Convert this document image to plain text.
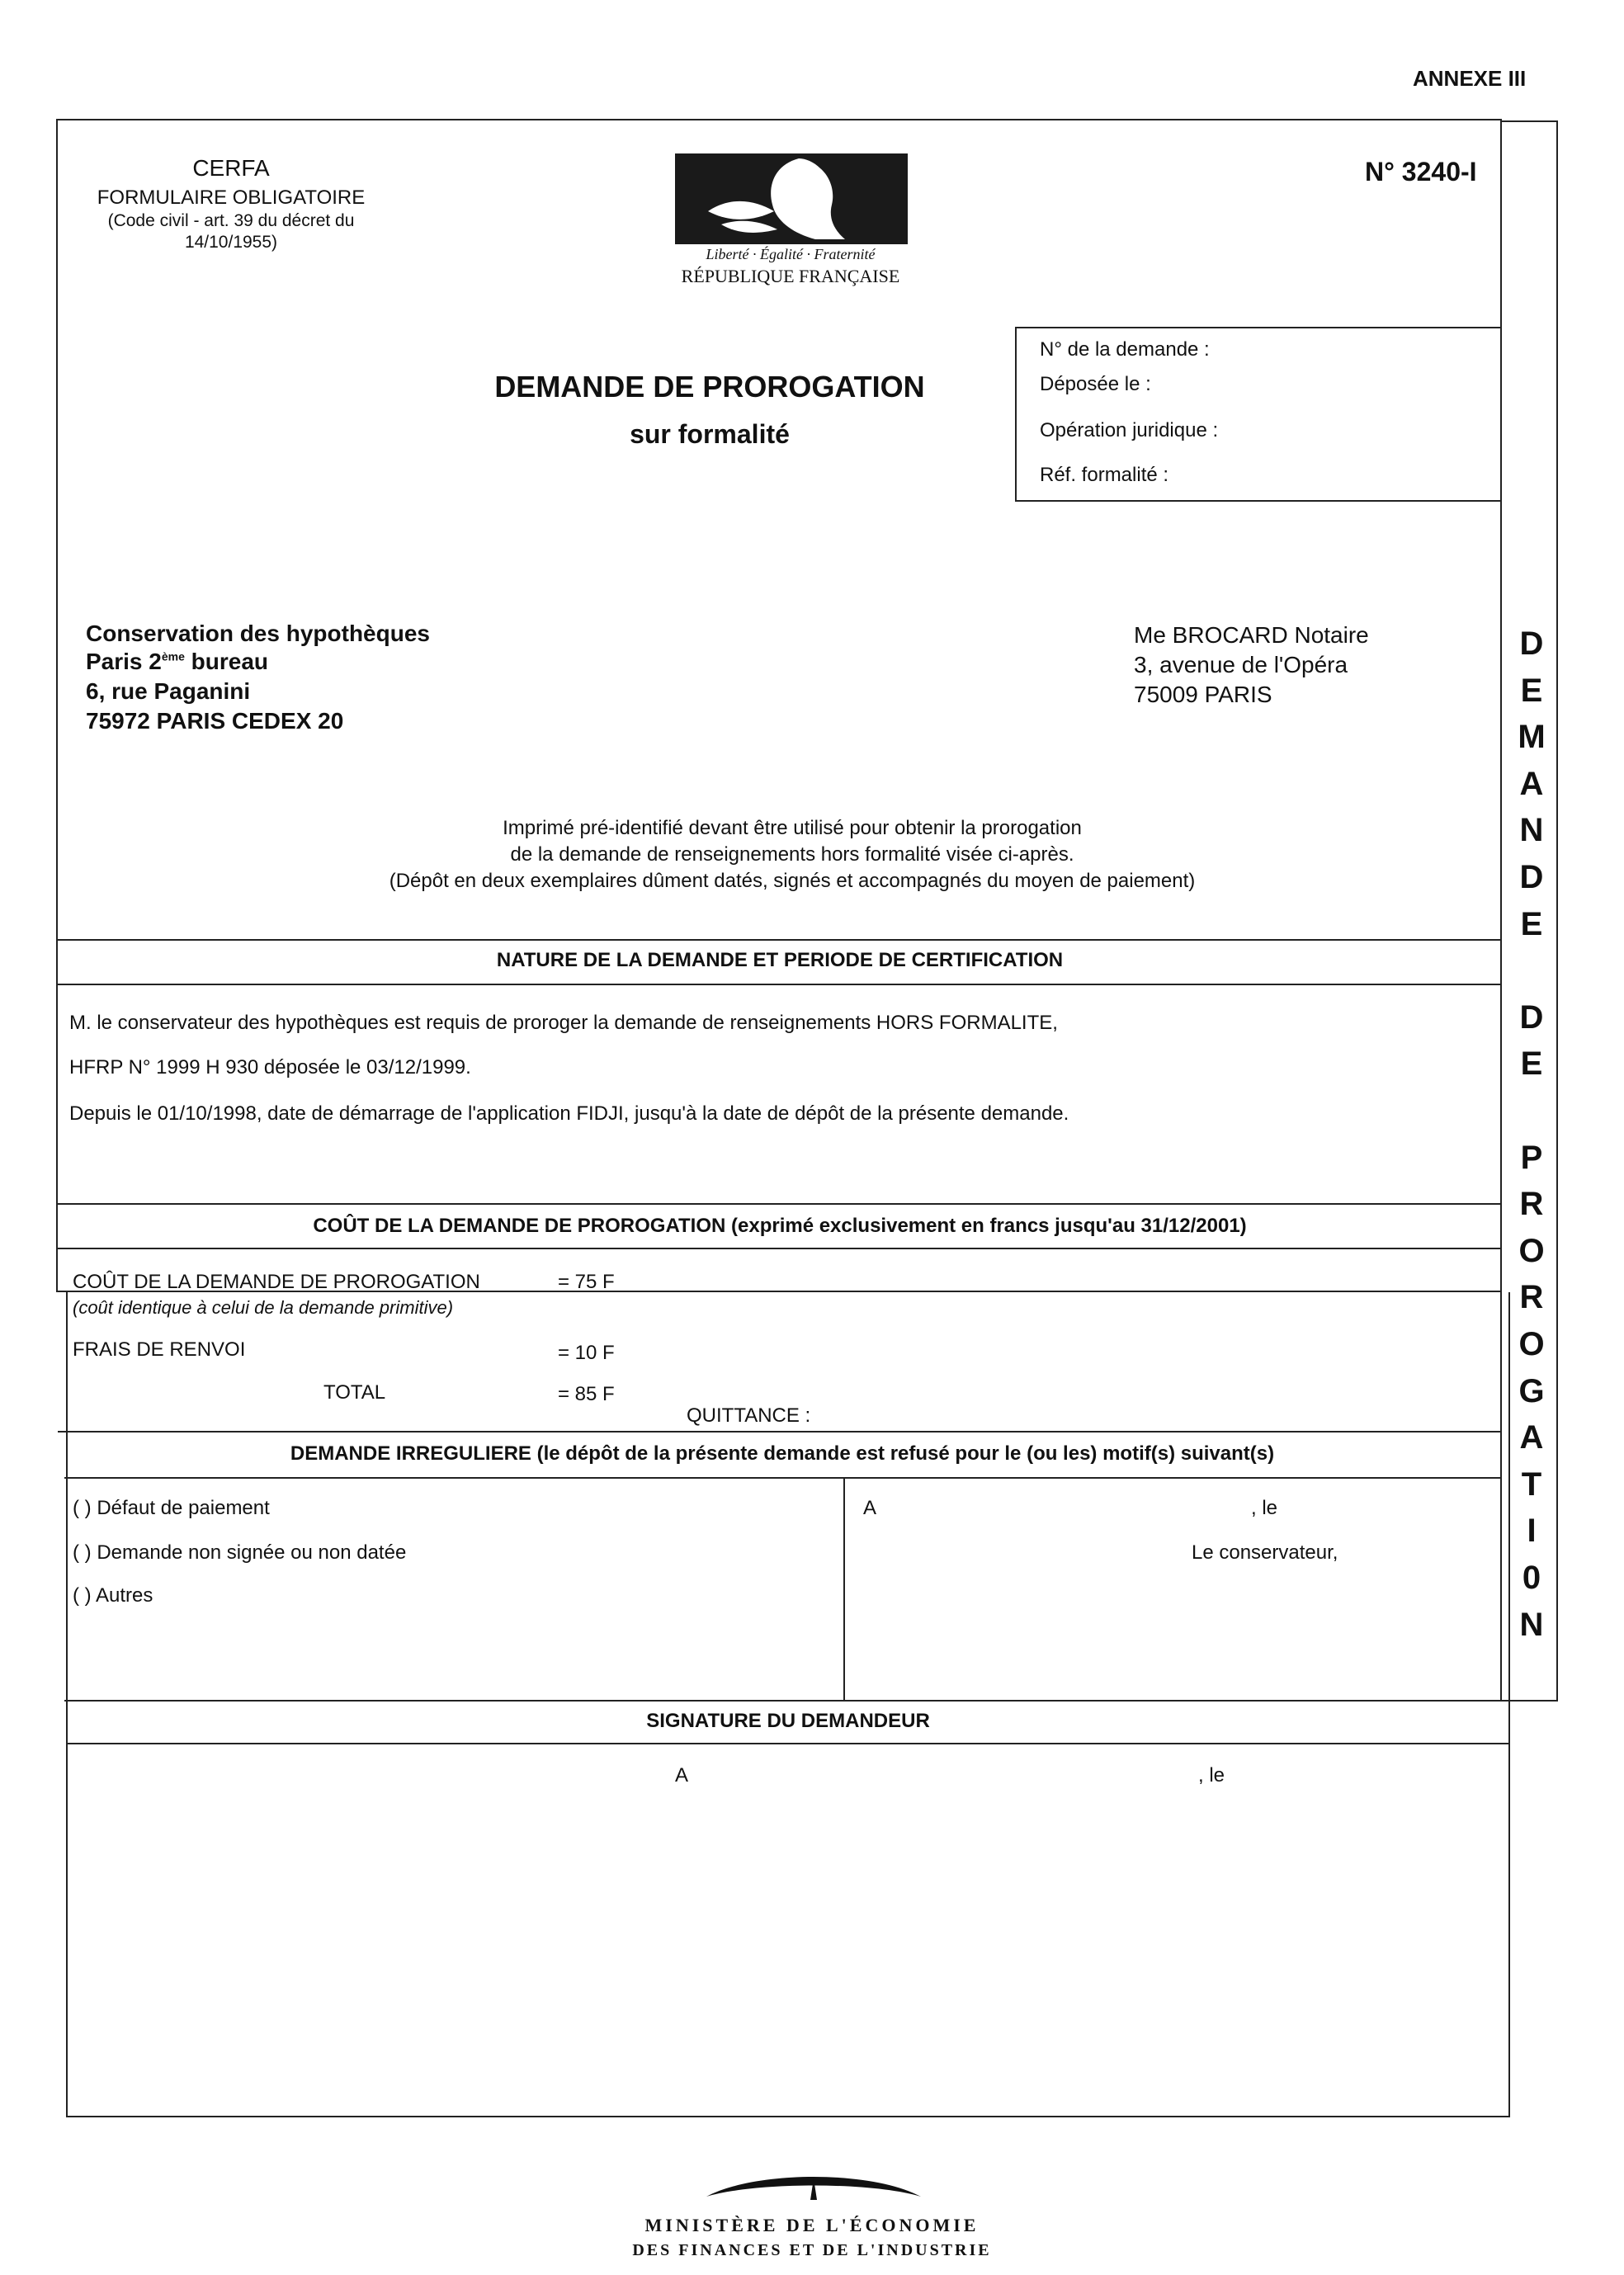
ANNEXE III
CERFA
FORMULAIRE OBLIGATOIRE
(Code civil - art. 39 du décret du
14/10/1955)
Liberté · Égalité · Fraternité
RÉPUBLIQUE FRANÇAISE
N° 3240-I
DEMANDE DE PROROGATION
sur formalité
N° de la demande :
Déposée le :
Opération juridique :
Réf. formalité :
Conservation des hypothèques
Paris 2ème bureau
6, rue Paganini
75972 PARIS CEDEX 20
Me BROCARD Notaire
3, avenue de l'Opéra
75009 PARIS
Imprimé pré-identifié devant être utilisé pour obtenir la prorogation
de la demande de renseignements hors formalité visée ci-après.
(Dépôt en deux exemplaires dûment datés, signés et accompagnés du moyen de paiement)
NATURE DE LA DEMANDE ET PERIODE DE CERTIFICATION
M. le conservateur des hypothèques est requis de proroger la demande de renseignements HORS FORMALITE,
HFRP N° 1999 H 930 déposée le 03/12/1999.
Depuis le 01/10/1998, date de démarrage de l'application FIDJI, jusqu'à la date de dépôt de la présente demande.
COÛT DE LA DEMANDE DE PROROGATION (exprimé exclusivement en francs jusqu'au 31/12/2001)
COÛT DE LA DEMANDE DE PROROGATION	= 75 F
(coût identique à celui de la demande primitive)
FRAIS DE RENVOI	= 10 F
TOTAL	= 85 F
QUITTANCE :
DEMANDE IRREGULIERE (le dépôt de la présente demande est refusé pour le (ou les) motif(s) suivant(s)
( ) Défaut de paiement
( ) Demande non signée ou non datée
( ) Autres
A	, le
Le conservateur,
SIGNATURE DU DEMANDEUR
A	, le
D
E
M
A
N
D
E
D
E
P
R
O
R
O
G
A
T
I
0
N
MINISTÈRE DE L'ÉCONOMIE
DES FINANCES ET DE L'INDUSTRIE
